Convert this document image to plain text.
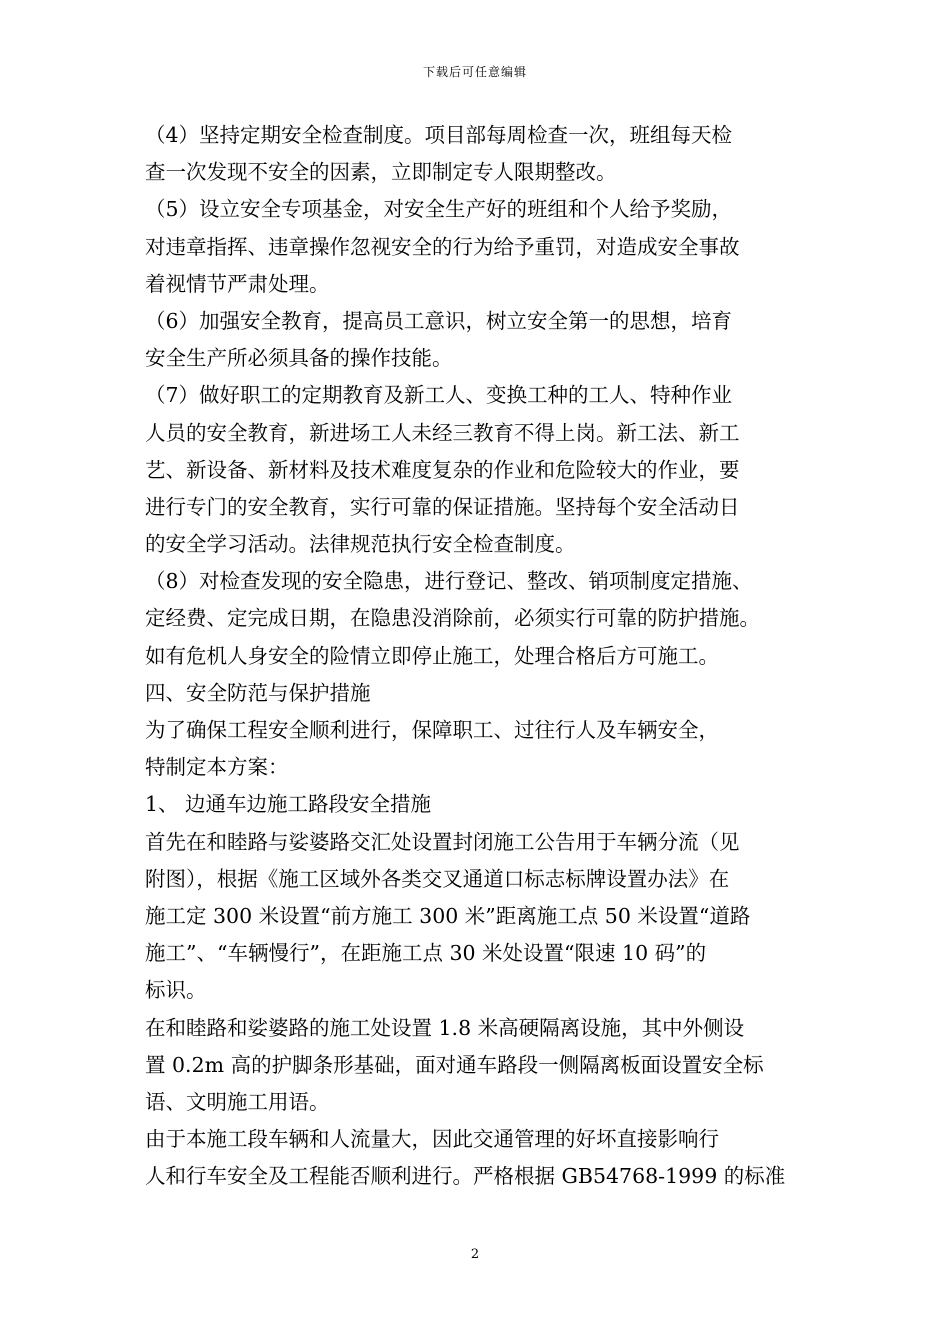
下载后可任意编辑
（4）坚持定期安全检查制度。项目部每周检查一次，班组每天检
查一次发现不安全的因素，立即制定专人限期整改。
（5）设立安全专项基金，对安全生产好的班组和个人给予奖励，
对违章指挥、违章操作忽视安全的行为给予重罚，对造成安全事故
着视情节严肃处理。
（6）加强安全教育，提高员工意识，树立安全第一的思想，培育
安全生产所必须具备的操作技能。
（7）做好职工的定期教育及新工人、变换工种的工人、特种作业
人员的安全教育，新进场工人未经三教育不得上岗。新工法、新工
艺、新设备、新材料及技术难度复杂的作业和危险较大的作业，要
进行专门的安全教育，实行可靠的保证措施。坚持每个安全活动日
的安全学习活动。法律规范执行安全检查制度。
（8）对检查发现的安全隐患，进行登记、整改、销项制度定措施、
定经费、定完成日期，在隐患没消除前，必须实行可靠的防护措施。
如有危机人身安全的险情立即停止施工，处理合格后方可施工。
四、安全防范与保护措施
为了确保工程安全顺利进行，保障职工、过往行人及车辆安全，
特制定本方案：
1、 边通车边施工路段安全措施
首先在和睦路与娑婆路交汇处设置封闭施工公告用于车辆分流（见
附图），根据《施工区域外各类交叉通道口标志标牌设置办法》在
施工定 300 米设置“前方施工 300 米”距离施工点 50 米设置“道路
施工”、“车辆慢行”，在距施工点 30 米处设置“限速 10 码”的
标识。
在和睦路和娑婆路的施工处设置 1.8 米高硬隔离设施，其中外侧设
置 0.2m 高的护脚条形基础，面对通车路段一侧隔离板面设置安全标
语、文明施工用语。
由于本施工段车辆和人流量大，因此交通管理的好坏直接影响行
人和行车安全及工程能否顺利进行。严格根据 GB54768-1999 的标准
2
